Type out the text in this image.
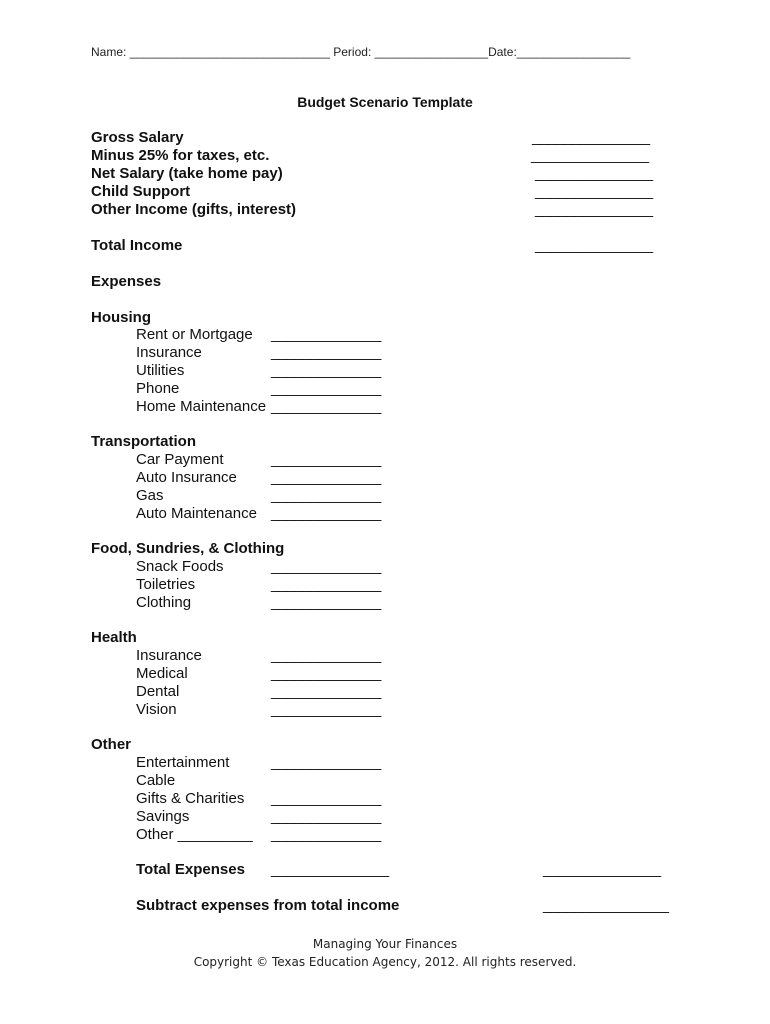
Name: ______________________________ Period: _________________Date:_________________
Budget Scenario Template
Gross Salary
Minus 25% for taxes, etc.
Net Salary (take home pay)
Child Support
Other Income (gifts, interest)
Total Income
_______________
_______________
_______________
_______________
_______________
_______________
Expenses
Housing
Rent or Mortgage
Insurance
Utilities
Phone
Home Maintenance
______________
______________
______________
______________
______________
Transportation
Car Payment
Auto Insurance
Gas
Auto Maintenance
______________
______________
______________
______________
Food, Sundries, & Clothing
Snack Foods
Toiletries
Clothing
______________
______________
______________
Health
Insurance
Medical
Dental
Vision
______________
______________
______________
______________
Other
Entertainment
Cable
Gifts & Charities
Savings
Other _________
______________
______________
______________
______________
Total Expenses _______________	_______________
Subtract expenses from total income	________________
Managing Your Finances
Copyright © Texas Education Agency, 2012. All rights reserved.
